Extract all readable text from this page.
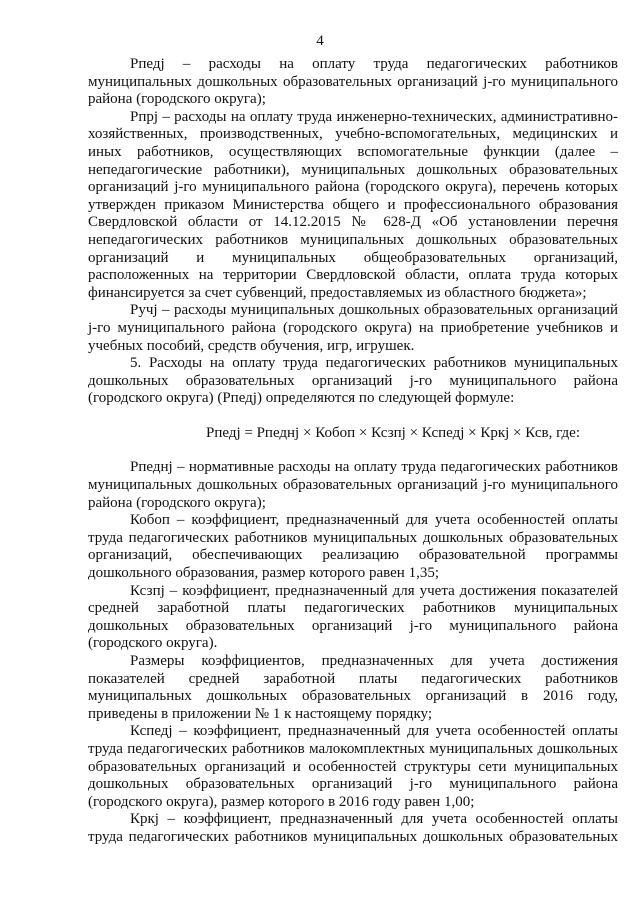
4
Рпедj – расходы на оплату труда педагогических работников
муниципальных дошкольных образовательных организаций j-го муниципального
района (городского округа);
Рпрj – расходы на оплату труда инженерно-технических, административно-
хозяйственных, производственных, учебно-вспомогательных, медицинских и
иных работников, осуществляющих вспомогательные функции (далее –
непедагогические работники), муниципальных дошкольных образовательных
организаций j-го муниципального района (городского округа), перечень которых
утвержден приказом Министерства общего и профессионального образования
Свердловской области от 14.12.2015 № 628-Д «Об установлении перечня
непедагогических работников муниципальных дошкольных образовательных
организаций и муниципальных общеобразовательных организаций,
расположенных на территории Свердловской области, оплата труда которых
финансируется за счет субвенций, предоставляемых из областного бюджета»;
Ручj – расходы муниципальных дошкольных образовательных организаций
j-го муниципального района (городского округа) на приобретение учебников и
учебных пособий, средств обучения, игр, игрушек.
5. Расходы на оплату труда педагогических работников муниципальных
дошкольных образовательных организаций j-го муниципального района
(городского округа) (Рпедj) определяются по следующей формуле:
Рпедj = Рпеднj × Кобоп × Ксзпj × Кспедj × Кркj × Ксв, где:
Рпеднj – нормативные расходы на оплату труда педагогических работников
муниципальных дошкольных образовательных организаций j-го муниципального
района (городского округа);
Кобоп – коэффициент, предназначенный для учета особенностей оплаты
труда педагогических работников муниципальных дошкольных образовательных
организаций, обеспечивающих реализацию образовательной программы
дошкольного образования, размер которого равен 1,35;
Ксзпj – коэффициент, предназначенный для учета достижения показателей
средней заработной платы педагогических работников муниципальных
дошкольных образовательных организаций j-го муниципального района
(городского округа).
Размеры коэффициентов, предназначенных для учета достижения
показателей средней заработной платы педагогических работников
муниципальных дошкольных образовательных организаций в 2016 году,
приведены в приложении № 1 к настоящему порядку;
Кспедj – коэффициент, предназначенный для учета особенностей оплаты
труда педагогических работников малокомплектных муниципальных дошкольных
образовательных организаций и особенностей структуры сети муниципальных
дошкольных образовательных организаций j-го муниципального района
(городского округа), размер которого в 2016 году равен 1,00;
Кркj – коэффициент, предназначенный для учета особенностей оплаты
труда педагогических работников муниципальных дошкольных образовательных
